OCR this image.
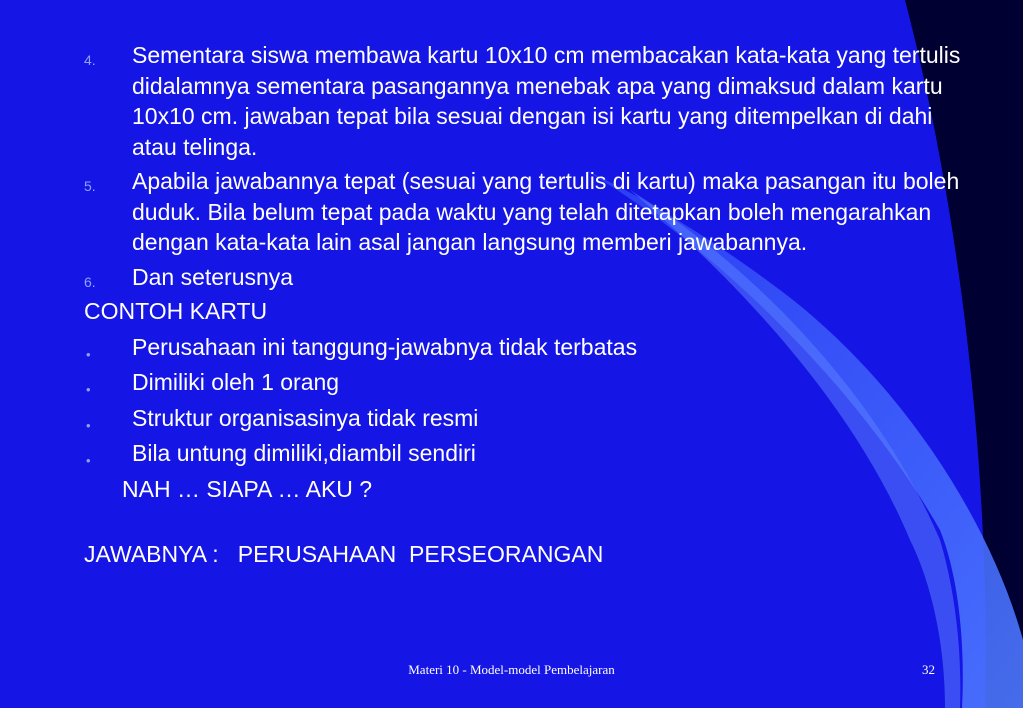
4. Sementara siswa membawa kartu 10x10 cm membacakan kata-kata yang tertulis didalamnya sementara pasangannya menebak apa yang dimaksud dalam kartu 10x10 cm. jawaban tepat bila sesuai dengan isi kartu yang ditempelkan di dahi atau telinga.
5. Apabila jawabannya tepat (sesuai yang tertulis di kartu) maka pasangan itu boleh duduk. Bila belum tepat pada waktu yang telah ditetapkan boleh mengarahkan dengan kata-kata lain asal jangan langsung memberi jawabannya.
6. Dan seterusnya
CONTOH KARTU
• Perusahaan ini tanggung-jawabnya tidak terbatas
• Dimiliki oleh 1 orang
• Struktur organisasinya tidak resmi
• Bila untung dimiliki,diambil sendiri
NAH … SIAPA … AKU ?
JAWABNYA :   PERUSAHAAN  PERSEORANGAN
Materi 10 - Model-model Pembelajaran	32
